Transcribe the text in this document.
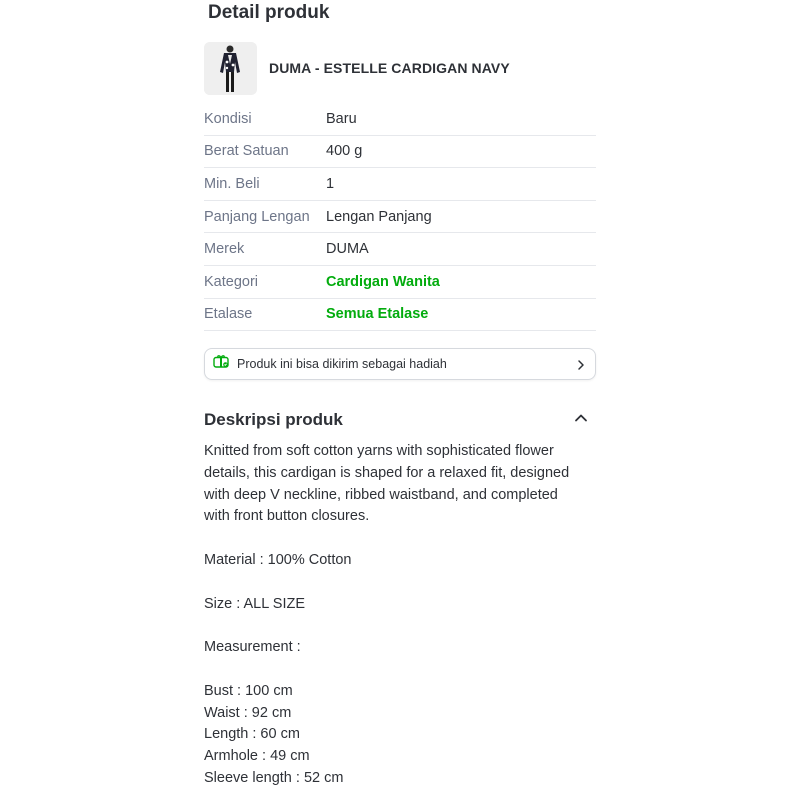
Detail produk
DUMA - ESTELLE CARDIGAN NAVY
Kondisi	Baru
Berat Satuan	400 g
Min. Beli	1
Panjang Lengan	Lengan Panjang
Merek	DUMA
Kategori	Cardigan Wanita
Etalase	Semua Etalase
Produk ini bisa dikirim sebagai hadiah
Deskripsi produk

Knitted from soft cotton yarns with sophisticated flower

details, this cardigan is shaped for a relaxed fit, designed

with deep V neckline, ribbed waistband, and completed

with front button closures.

Material : 100% Cotton

Size : ALL SIZE

Measurement :

Bust : 100 cm

Waist : 92 cm

Length : 60 cm

Armhole : 49 cm

Sleeve length : 52 cm
